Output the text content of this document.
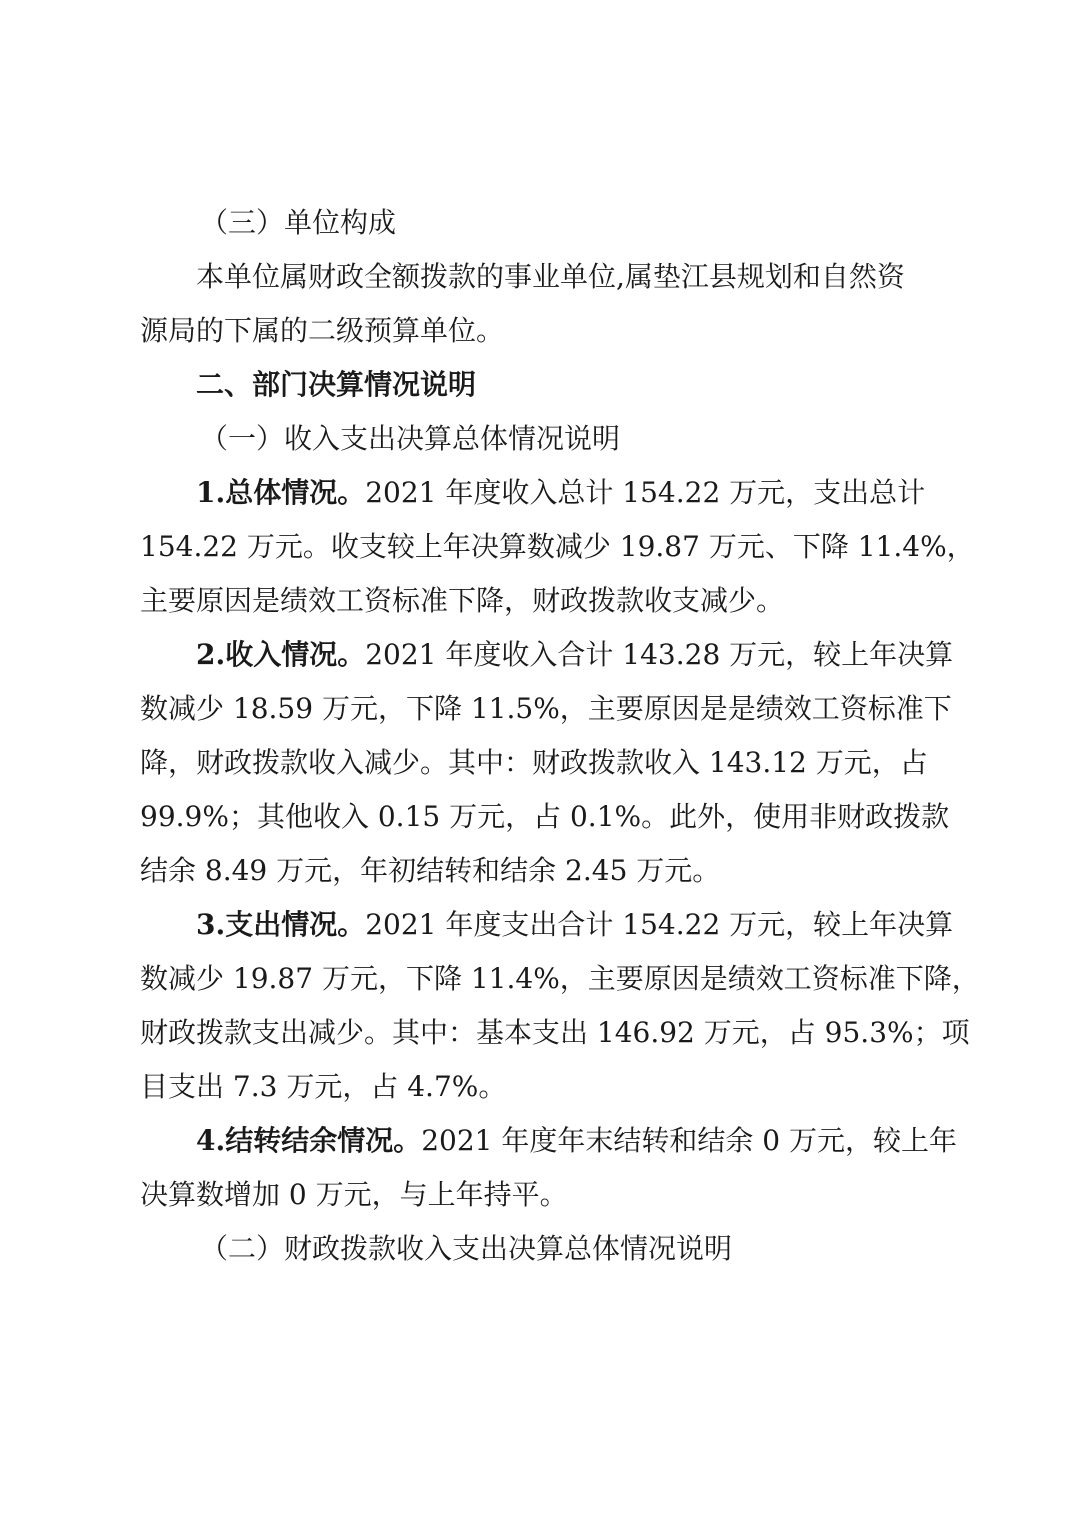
（三）单位构成

本单位属财政全额拨款的事业单位,属垫江县规划和自然资

源局的下属的二级预算单位。

二、部门决算情况说明

（一）收入支出决算总体情况说明

1.总体情况。2021 年度收入总计 154.22 万元，支出总计

154.22 万元。收支较上年决算数减少 19.87 万元、下降 11.4%，

主要原因是绩效工资标准下降，财政拨款收支减少。

2.收入情况。2021 年度收入合计 143.28 万元，较上年决算

数减少 18.59 万元，下降 11.5%，主要原因是是绩效工资标准下

降，财政拨款收入减少。其中：财政拨款收入 143.12 万元，占

99.9%；其他收入 0.15 万元，占 0.1%。此外，使用非财政拨款

结余 8.49 万元，年初结转和结余 2.45 万元。

3.支出情况。2021 年度支出合计 154.22 万元，较上年决算

数减少 19.87 万元，下降 11.4%，主要原因是绩效工资标准下降，

财政拨款支出减少。其中：基本支出 146.92 万元，占 95.3%；项

目支出 7.3 万元，占 4.7%。

4.结转结余情况。2021 年度年末结转和结余 0 万元，较上年

决算数增加 0 万元，与上年持平。

（二）财政拨款收入支出决算总体情况说明
